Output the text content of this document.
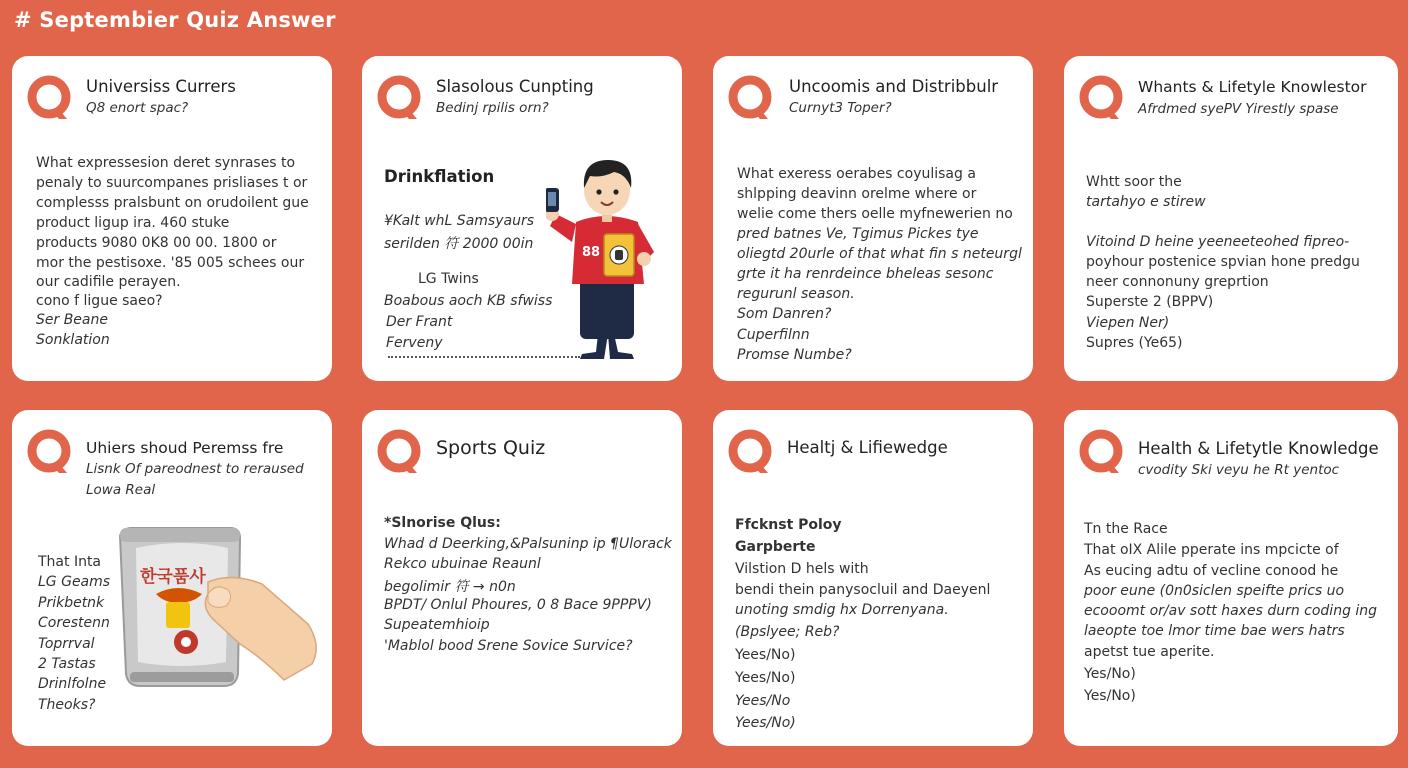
# Septembier Quiz Answer
Universiss Currers
Q8 enort spac?
What expressesion deret synrases to
penaly to suurcompanes prisliases t or
complesss pralsbunt on orudoilent gue
product ligup ira. 460 stuke
products 9080 0K8 00 00. 1800 or
mor the pestisoxe. '85 005 schees our
our cadifile perayen.
cono f ligue saeo?
Ser Beane
Sonklation
Slasolous Cunpting
Bedinj rpilis orn?
Drinkflation
¥KaIt whL Samsyaurs
serilden 符 2000 00in
LG Twins
Boabous aoch KB sfwiss
Der Frant
Ferveny
88
Uncoomis and Distribbulr
Curnyt3 Toper?
What exeress oerabes coyulisag a
shlpping deavinn orelme where or
welie come thers oelle myfnewerien no
pred batnes Ve, Tgimus Pickes tye
oliegtd 20urle of that what fin s neteurgl
grte it ha renrdeince bheleas sesonc
regurunl season.
Som Danren?
Cuperfilnn
Promse Numbe?
Whants & Lifetyle Knowlestor
Afrdmed syePV Yirestly spase
Whtt soor the
tartahyo e stirew
Vitoind D heine yeeneeteohed fipreo-
poyhour postenice spvian hone predgu
neer connonuny greprtion
Superste 2 (BPPV)
Viepen Ner)
Supres (Ye65)
Uhiers shoud Peremss fre
Lisnk Of pareodnest to reraused
Lowa Real
That Inta
LG Geams
Prikbetnk
Corestenn
Toprrval
2 Tastas
Drinlfolne
Theoks?
한국품사
Sports Quiz
*Slnorise Qlus:
Whad d Deerking,&Palsuninp ip ¶Ulorack
Rekco ubuinae Reaunl
begolimir 符 → n0n
BPDT/ Onlul Phoures, 0 8 Bace 9PPPV)
Supeatemhioip
'Mablol bood Srene Sovice Survice?
Healtj & Lifiewedge
Ffcknst Poloy
Garpberte
Vilstion D hels with
bendi thein panysocluil and Daeyenl
unoting smdig hx Dorrenyana.
(Bpslyee; Reb?
Yees/No)
Yees/No)
Yees/No
Yees/No)
Health & Lifetytle Knowledge
cvodity Ski veyu he Rt yentoc
Tn the Race
That oIX Alile pperate ins mpcicte of
As eucing adtu of vecline conood he
poor eune (0n0siclen speifte prics uo
ecooomt or/av sott haxes durn coding ing
laeopte toe lmor time bae wers hatrs
apetst tue aperite.
Yes/No)
Yes/No)
